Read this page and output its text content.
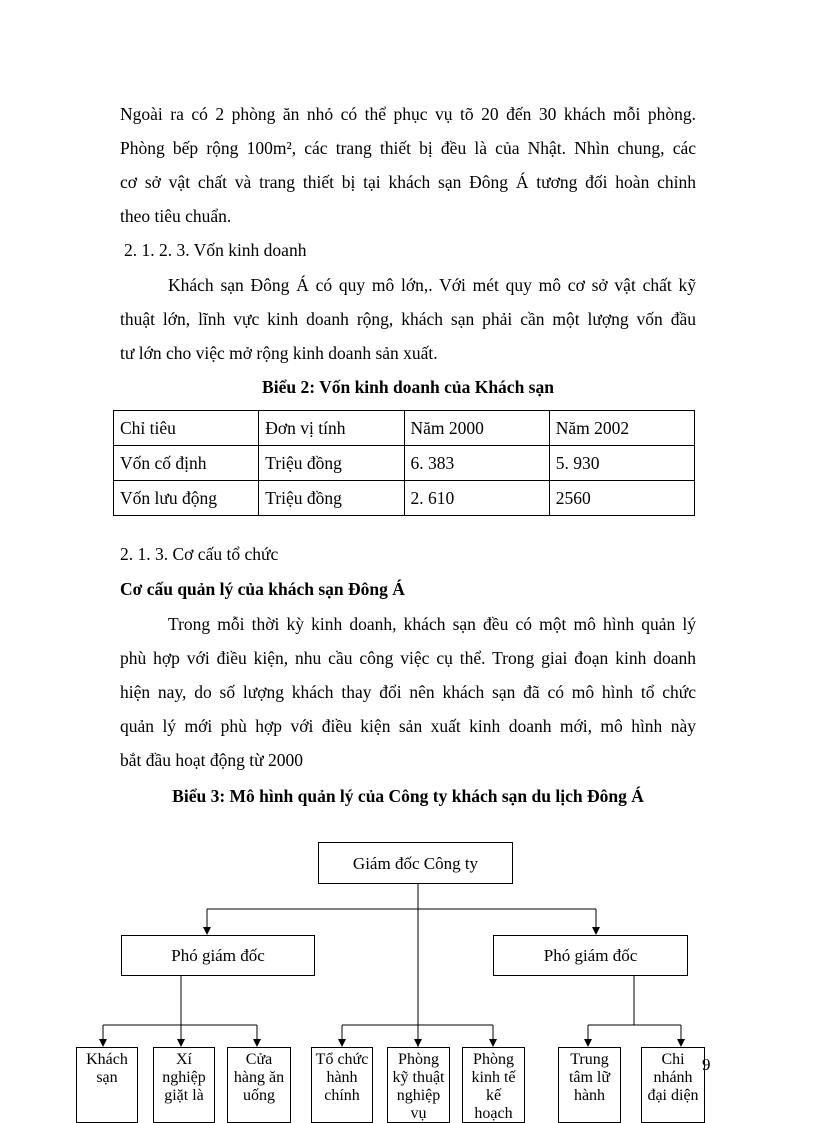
Ngoài ra có 2 phòng ăn nhỏ có thể phục vụ tõ 20 đến 30 khách mỗi phòng.
Phòng bếp rộng 100m², các trang thiết bị đều là của Nhật. Nhìn chung, các
cơ sở vật chất và trang thiết bị tại khách sạn Đông Á tương đối hoàn chỉnh
theo tiêu chuẩn.
2. 1. 2. 3. Vốn kinh doanh
Khách sạn Đông Á có quy mô lớn,. Với mét quy mô cơ sở vật chất kỹ
thuật lớn, lĩnh vực kinh doanh rộng, khách sạn phải cần một lượng vốn đầu
tư lớn cho việc mở rộng kinh doanh sản xuất.
Biểu 2: Vốn kinh doanh của Khách sạn
Chỉ tiêu	Đơn vị tính	Năm 2000	Năm 2002
Vốn cố định	Triệu đồng	6. 383	5. 930
Vốn lưu động	Triệu đồng	2. 610	2560
2. 1. 3. Cơ cấu tổ chức
Cơ cấu quản lý của khách sạn Đông Á
Trong mỗi thời kỳ kinh doanh, khách sạn đều có một mô hình quản lý
phù hợp với điều kiện, nhu cầu công việc cụ thể. Trong giai đoạn kinh doanh
hiện nay, do số lượng khách thay đổi nên khách sạn đã có mô hình tổ chức
quản lý mới phù hợp với điều kiện sản xuất kinh doanh mới, mô hình này
bắt đầu hoạt động từ 2000
Biểu 3: Mô hình quản lý của Công ty khách sạn du lịch Đông Á
Giám đốc Công ty
Phó giám đốc	Phó giám đốc
Khách
sạn
Xí
nghiệp
giặt là
Cửa
hàng ăn
uống
Tổ chức
hành
chính
Phòng
kỹ thuật
nghiệp
vụ
Phòng
kinh tế
kế
hoạch
Trung
tâm lữ
hành
Chi
nhánh
đại diện
9
